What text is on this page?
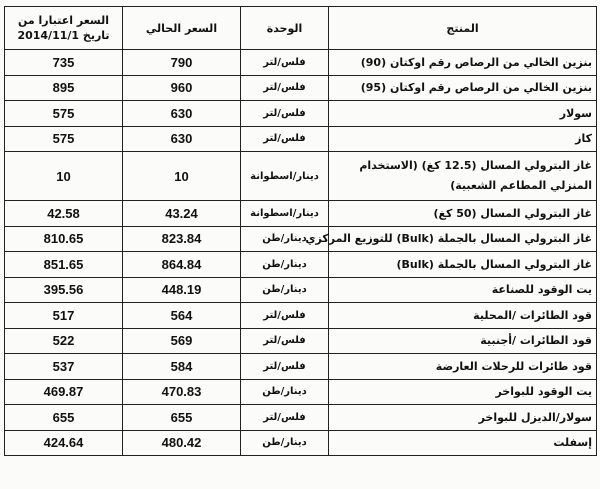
السعر اعتبارا من تاريخ 2014/11/1	السعر الحالي	الوحدة	المنتج
735	790	فلس/لتر	بنزين الخالي من الرصاص رقم اوكتان (90)
895	960	فلس/لتر	بنزين الخالي من الرصاص رقم اوكتان (95)
575	630	فلس/لتر	سولار
575	630	فلس/لتر	كاز
10	10	دينار/اسطوانة	غاز البترولي المسال (12.5 كغ) (الاستخدام المنزلي المطاعم الشعبية)
42.58	43.24	دينار/اسطوانة	غاز البترولي المسال (50 كغ)
810.65	823.84	دينار/طن	غاز البترولي المسال بالجملة (Bulk) للتوزيع المركزي
851.65	864.84	دينار/طن	غاز البترولي المسال بالجملة (Bulk)
395.56	448.19	دينار/طن	يت الوقود للصناعة
517	564	فلس/لتر	قود الطائرات /المحلية
522	569	فلس/لتر	قود الطائرات /أجنبية
537	584	فلس/لتر	قود طائرات للرحلات العارضة
469.87	470.83	دينار/طن	يت الوقود للبواخر
655	655	فلس/لتر	سولار/الديزل للبواخر
424.64	480.42	دينار/طن	إسفلت
